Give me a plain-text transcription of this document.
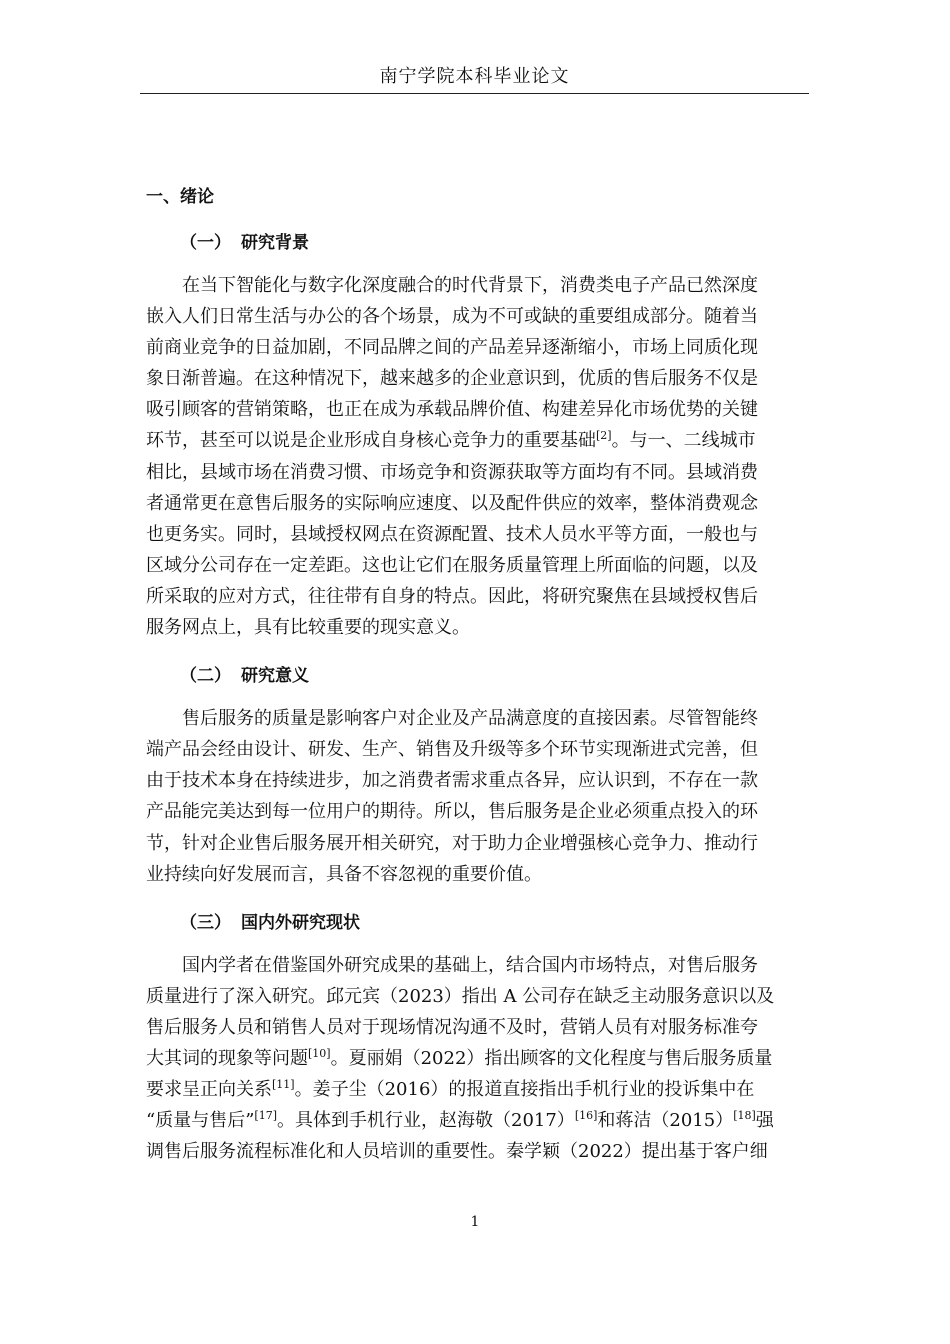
南宁学院本科毕业论文
一、绪论
（一） 研究背景
在当下智能化与数字化深度融合的时代背景下，消费类电子产品已然深度
嵌入人们日常生活与办公的各个场景，成为不可或缺的重要组成部分。随着当
前商业竞争的日益加剧，不同品牌之间的产品差异逐渐缩小，市场上同质化现
象日渐普遍。在这种情况下，越来越多的企业意识到，优质的售后服务不仅是
吸引顾客的营销策略，也正在成为承载品牌价值、构建差异化市场优势的关键
环节，甚至可以说是企业形成自身核心竞争力的重要基础[2]。与一、二线城市
相比，县域市场在消费习惯、市场竞争和资源获取等方面均有不同。县域消费
者通常更在意售后服务的实际响应速度、以及配件供应的效率，整体消费观念
也更务实。同时，县域授权网点在资源配置、技术人员水平等方面，一般也与
区域分公司存在一定差距。这也让它们在服务质量管理上所面临的问题，以及
所采取的应对方式，往往带有自身的特点。因此，将研究聚焦在县域授权售后
服务网点上，具有比较重要的现实意义。
（二） 研究意义
售后服务的质量是影响客户对企业及产品满意度的直接因素。尽管智能终
端产品会经由设计、研发、生产、销售及升级等多个环节实现渐进式完善，但
由于技术本身在持续进步，加之消费者需求重点各异，应认识到，不存在一款
产品能完美达到每一位用户的期待。所以，售后服务是企业必须重点投入的环
节，针对企业售后服务展开相关研究，对于助力企业增强核心竞争力、推动行
业持续向好发展而言，具备不容忽视的重要价值。
（三） 国内外研究现状
国内学者在借鉴国外研究成果的基础上，结合国内市场特点，对售后服务
质量进行了深入研究。邱元宾（2023）指出 A 公司存在缺乏主动服务意识以及
售后服务人员和销售人员对于现场情况沟通不及时，营销人员有对服务标准夸
大其词的现象等问题[10]。夏丽娟（2022）指出顾客的文化程度与售后服务质量
要求呈正向关系[11]。姜子尘（2016）的报道直接指出手机行业的投诉集中在
“质量与售后”[17]。具体到手机行业，赵海敬（2017）[16]和蒋洁（2015）[18]强
调售后服务流程标准化和人员培训的重要性。秦学颖（2022）提出基于客户细
1
